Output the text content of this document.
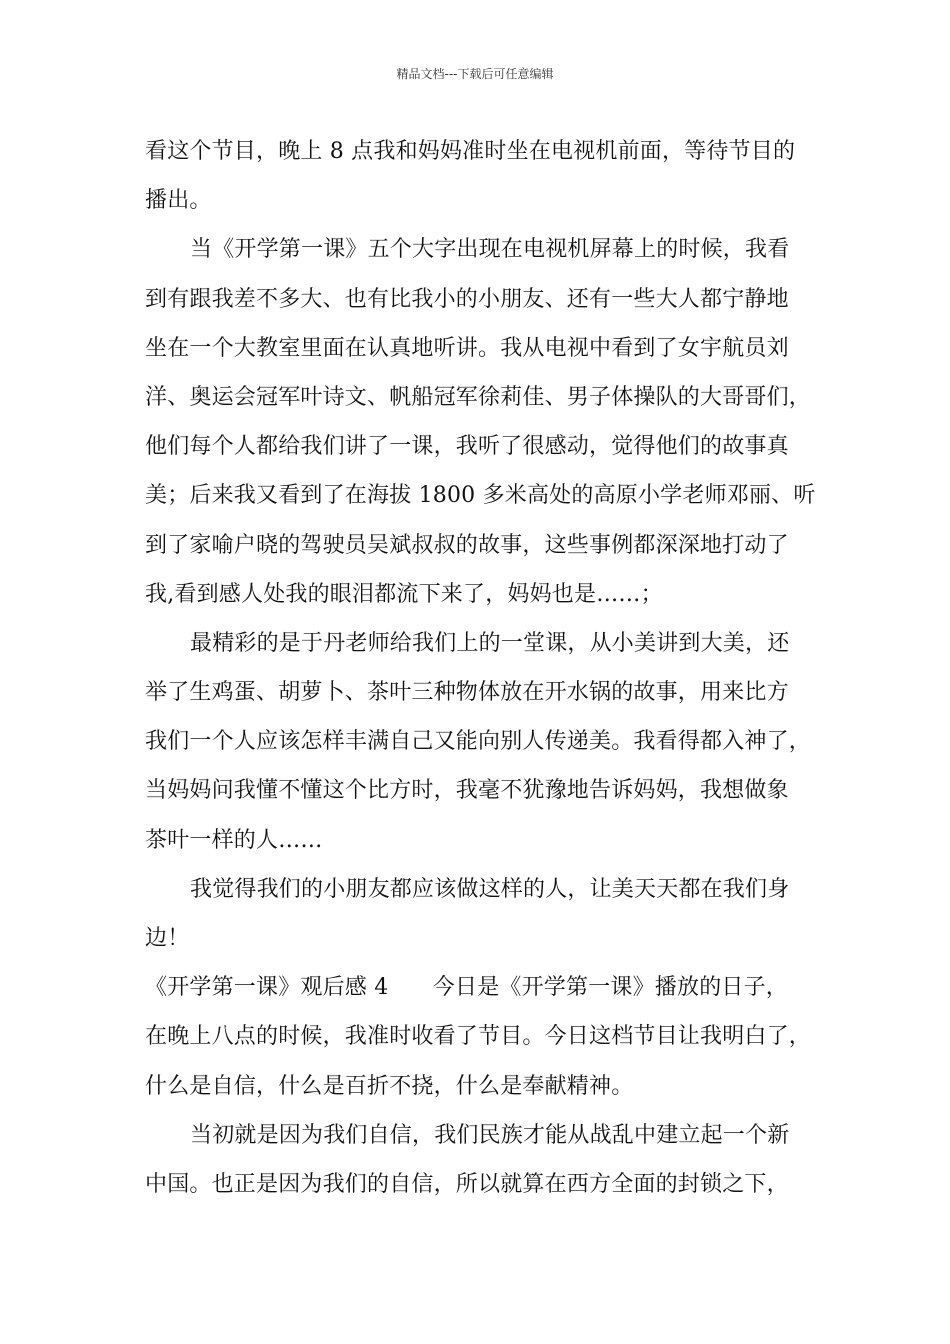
精品文档---下载后可任意编辑
看这个节目，晚上 8 点我和妈妈准时坐在电视机前面，等待节目的
播出。
当《开学第一课》五个大字出现在电视机屏幕上的时候，我看
到有跟我差不多大、也有比我小的小朋友、还有一些大人都宁静地
坐在一个大教室里面在认真地听讲。我从电视中看到了女宇航员刘
洋、奥运会冠军叶诗文、帆船冠军徐莉佳、男子体操队的大哥哥们，
他们每个人都给我们讲了一课，我听了很感动，觉得他们的故事真
美；后来我又看到了在海拔 1800 多米高处的高原小学老师邓丽、听
到了家喻户晓的驾驶员吴斌叔叔的故事，这些事例都深深地打动了
我,看到感人处我的眼泪都流下来了，妈妈也是……；
最精彩的是于丹老师给我们上的一堂课，从小美讲到大美，还
举了生鸡蛋、胡萝卜、茶叶三种物体放在开水锅的故事，用来比方
我们一个人应该怎样丰满自己又能向别人传递美。我看得都入神了，
当妈妈问我懂不懂这个比方时，我毫不犹豫地告诉妈妈，我想做象
茶叶一样的人……
我觉得我们的小朋友都应该做这样的人，让美天天都在我们身
边！
《开学第一课》观后感 4　　今日是《开学第一课》播放的日子，
在晚上八点的时候，我准时收看了节目。今日这档节目让我明白了，
什么是自信，什么是百折不挠，什么是奉献精神。
当初就是因为我们自信，我们民族才能从战乱中建立起一个新
中国。也正是因为我们的自信，所以就算在西方全面的封锁之下，
